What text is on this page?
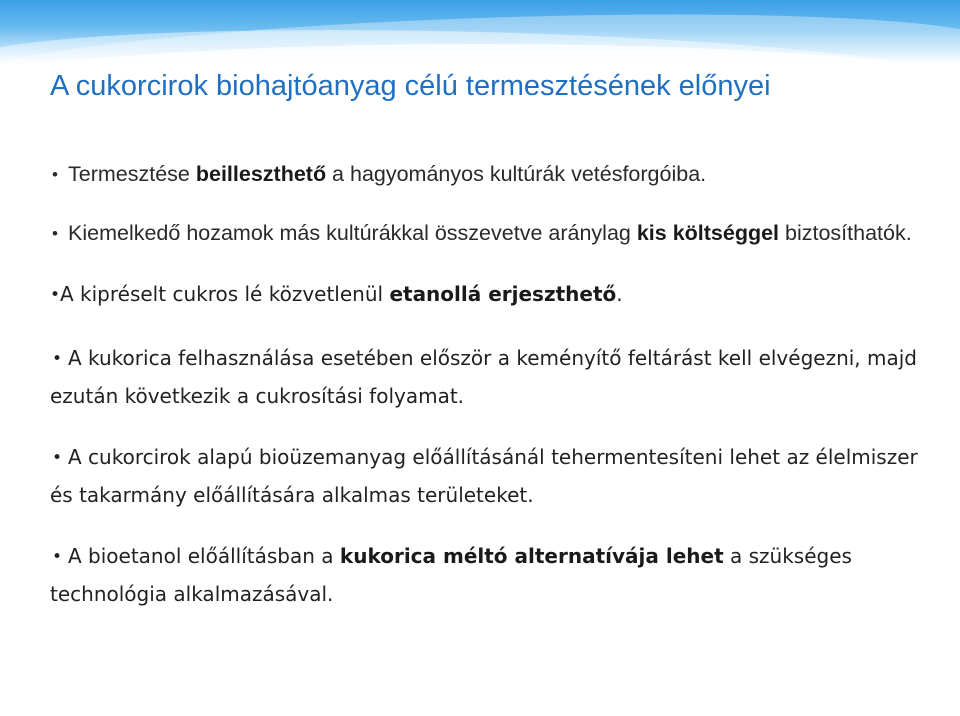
A cukorcirok biohajtóanyag célú termesztésének előnyei

• Termesztése beilleszthető a hagyományos kultúrák vetésforgóiba.

• Kiemelkedő hozamok más kultúrákkal összevetve aránylag kis költséggel biztosíthatók.

•A kipréselt cukros lé közvetlenül etanollá erjeszthető.

• A kukorica felhasználása esetében először a keményítő feltárást kell elvégezni, majd ezután következik a cukrosítási folyamat.

• A cukorcirok alapú bioüzemanyag előállításánál tehermentesíteni lehet az élelmiszer és takarmány előállítására alkalmas területeket.

• A bioetanol előállításban a kukorica méltó alternatívája lehet a szükséges technológia alkalmazásával.
